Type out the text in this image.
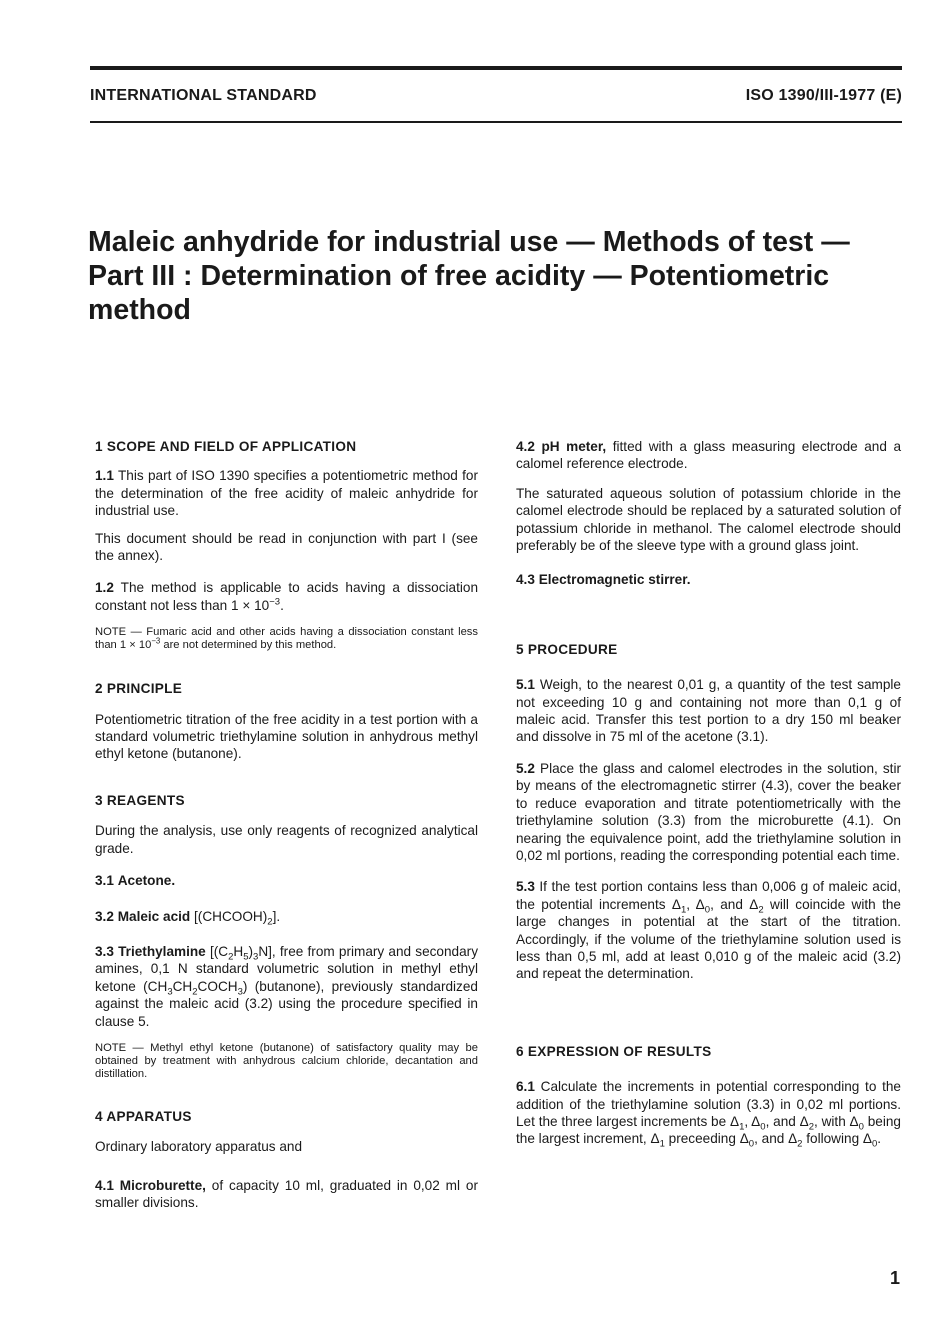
INTERNATIONAL STANDARD	ISO 1390/III-1977 (E)
Maleic anhydride for industrial use — Methods of test —
Part III : Determination of free acidity — Potentiometric
method

1 SCOPE AND FIELD OF APPLICATION

1.1 This part of ISO 1390 specifies a potentiometric method for the determination of the free acidity of maleic anhydride for industrial use.

This document should be read in conjunction with part I (see the annex).

1.2 The method is applicable to acids having a dissociation constant not less than $1 \times 10^{-3}$.

NOTE — Fumaric acid and other acids having a dissociation constant less than $1 \times 10^{-3}$ are not determined by this method.

2 PRINCIPLE

Potentiometric titration of the free acidity in a test portion with a standard volumetric triethylamine solution in anhydrous methyl ethyl ketone (butanone).

3 REAGENTS

During the analysis, use only reagents of recognized analytical grade.

3.1 Acetone.

3.2 Maleic acid $[(CHCOOH)_2]$.

3.3 Triethylamine $[(C_2H_5)_3N]$, free from primary and secondary amines, 0,1 N standard volumetric solution in methyl ethyl ketone $(CH_3CH_2COCH_3)$ (butanone), previously standardized against the maleic acid (3.2) using the procedure specified in clause 5.

NOTE — Methyl ethyl ketone (butanone) of satisfactory quality may be obtained by treatment with anhydrous calcium chloride, decantation and distillation.

4 APPARATUS

Ordinary laboratory apparatus and

4.1 Microburette, of capacity 10 ml, graduated in 0,02 ml or smaller divisions.

4.2 pH meter, fitted with a glass measuring electrode and a calomel reference electrode.

The saturated aqueous solution of potassium chloride in the calomel electrode should be replaced by a saturated solution of potassium chloride in methanol. The calomel electrode should preferably be of the sleeve type with a ground glass joint.

4.3 Electromagnetic stirrer.

5 PROCEDURE

5.1 Weigh, to the nearest 0,01 g, a quantity of the test sample not exceeding 10 g and containing not more than 0,1 g of maleic acid. Transfer this test portion to a dry 150 ml beaker and dissolve in 75 ml of the acetone (3.1).

5.2 Place the glass and calomel electrodes in the solution, stir by means of the electromagnetic stirrer (4.3), cover the beaker to reduce evaporation and titrate potentiometrically with the triethylamine solution (3.3) from the microburette (4.1). On nearing the equivalence point, add the triethylamine solution in 0,02 ml portions, reading the corresponding potential each time.

5.3 If the test portion contains less than 0,006 g of maleic acid, the potential increments $\Delta_1$, $\Delta_0$, and $\Delta_2$ will coincide with the large changes in potential at the start of the titration. Accordingly, if the volume of the triethylamine solution used is less than 0,5 ml, add at least 0,010 g of the maleic acid (3.2) and repeat the determination.

6 EXPRESSION OF RESULTS

6.1 Calculate the increments in potential corresponding to the addition of the triethylamine solution (3.3) in 0,02 ml portions. Let the three largest increments be $\Delta_1$, $\Delta_0$, and $\Delta_2$, with $\Delta_0$ being the largest increment, $\Delta_1$ preceeding $\Delta_0$, and $\Delta_2$ following $\Delta_0$.

1
